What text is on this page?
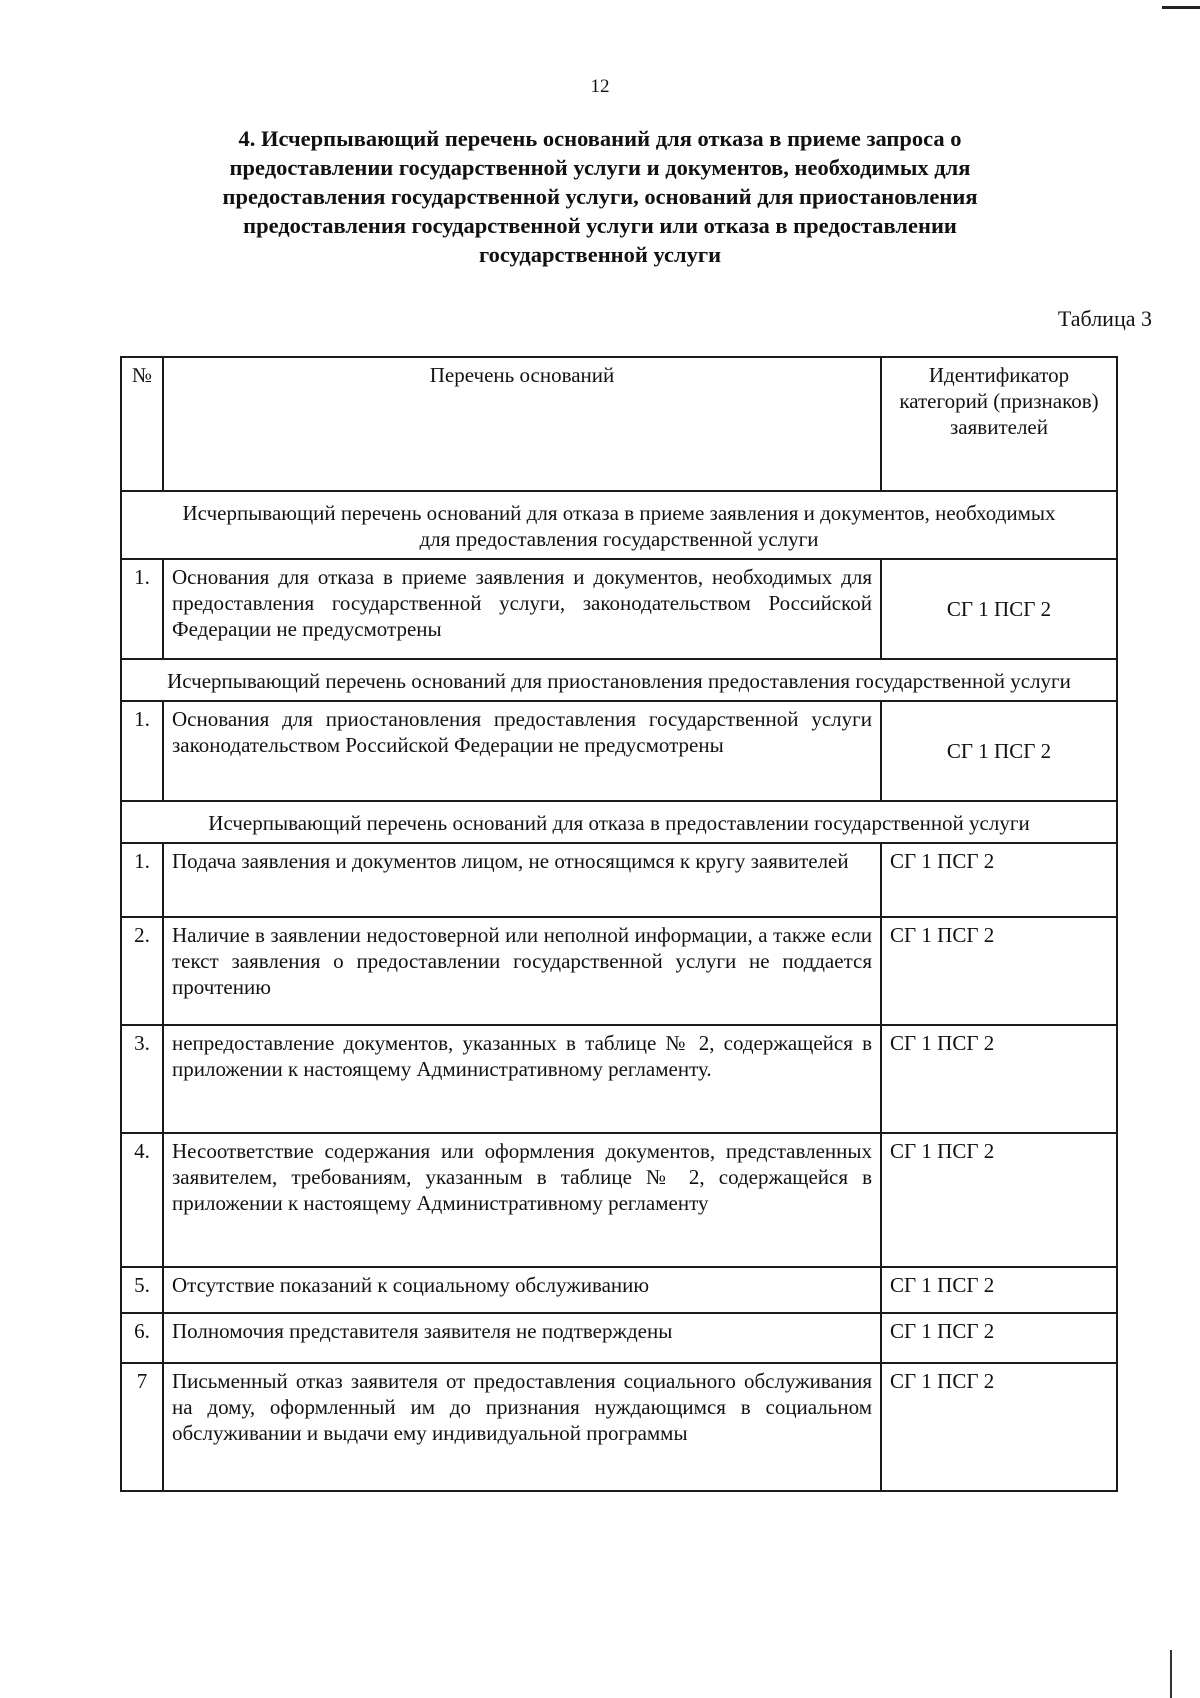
12
4. Исчерпывающий перечень оснований для отказа в приеме запроса о предоставлении государственной услуги и документов, необходимых для предоставления государственной услуги, оснований для приостановления предоставления государственной услуги или отказа в предоставлении государственной услуги
Таблица 3
№	Перечень оснований	Идентификатор категорий (признаков) заявителей
Исчерпывающий перечень оснований для отказа в приеме заявления и документов, необходимых для предоставления государственной услуги		
1.	Основания для отказа в приеме заявления и документов, необходимых для предоставления государственной услуги, законодательством Российской Федерации не предусмотрены	СГ 1 ПСГ 2
Исчерпывающий перечень оснований для приостановления предоставления государственной услуги		
1.	Основания для приостановления предоставления государственной услуги законодательством Российской Федерации не предусмотрены	СГ 1 ПСГ 2
Исчерпывающий перечень оснований для отказа в предоставлении государственной услуги		
1.	Подача заявления и документов лицом, не относящимся к кругу заявителей	СГ 1 ПСГ 2
2.	Наличие в заявлении недостоверной или неполной информации, а также если текст заявления о предоставлении государственной услуги не поддается прочтению	СГ 1 ПСГ 2
3.	непредоставление документов, указанных в таблице № 2, содержащейся в приложении к настоящему Административному регламенту.	СГ 1 ПСГ 2
4.	Несоответствие содержания или оформления документов, представленных заявителем, требованиям, указанным в таблице № 2, содержащейся в приложении к настоящему Административному регламенту	СГ 1 ПСГ 2
5.	Отсутствие показаний к социальному обслуживанию	СГ 1 ПСГ 2
6.	Полномочия представителя заявителя не подтверждены	СГ 1 ПСГ 2
7	Письменный отказ заявителя от предоставления социального обслуживания на дому, оформленный им до признания нуждающимся в социальном обслуживании и выдачи ему индивидуальной программы	СГ 1 ПСГ 2
